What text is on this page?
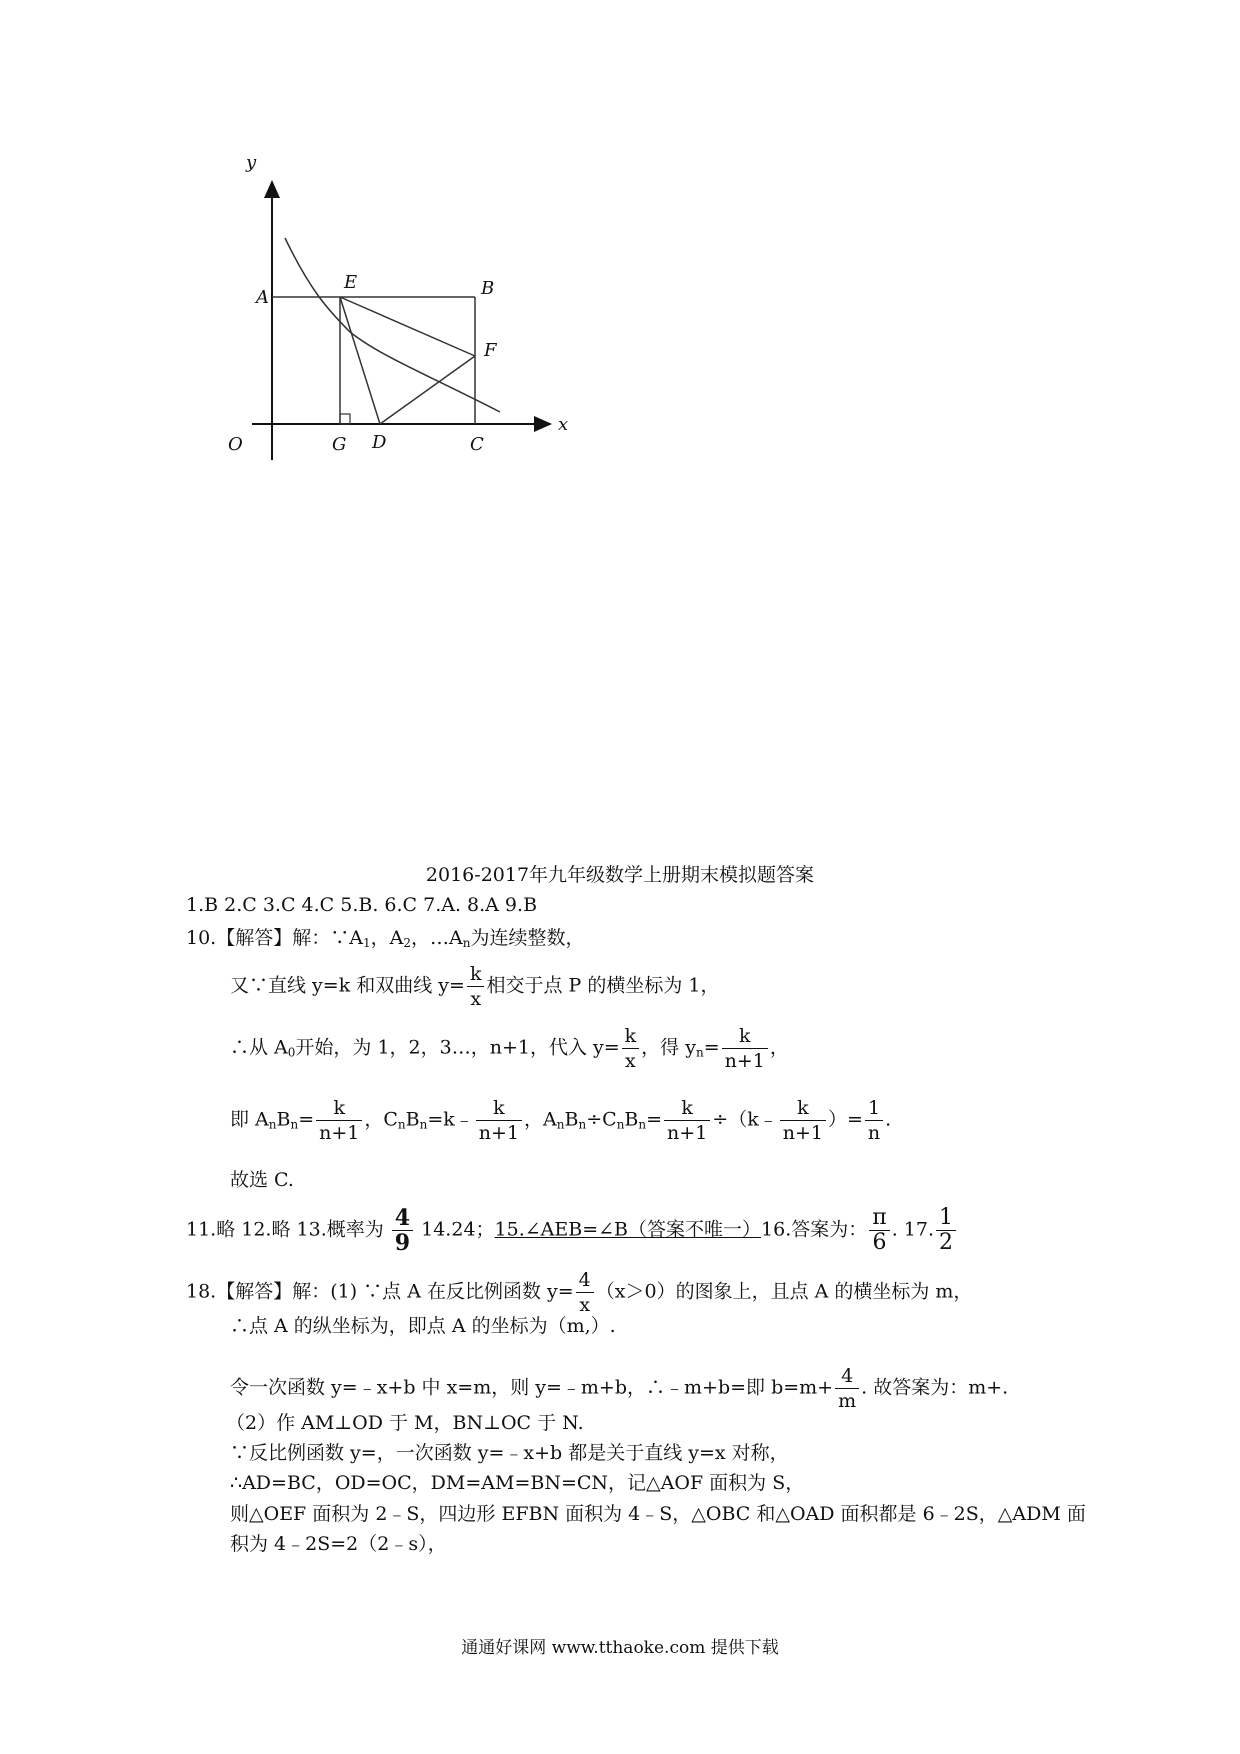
y
x
O
A
E	B
F
G D	C
2016-2017年九年级数学上册期末模拟题答案
1.B 2.C 3.C 4.C 5.B. 6.C 7.A. 8.A 9.B
10.【解答】解：$\because A_1$，$A_2$，$\dots A_n$为连续整数，
又∵直线 y=k 和双曲线 $y= \frac{k}{x}$ 相交于点 P 的横坐标为 1，
∴从 $A_0$开始，为 1，2，3…，n+1，代入 $y= \frac{k}{x}$ ，得 $y_n= \frac{k}{n+1}$ ，
即 $A_nB_n= \frac{k}{n+1}$ ，$C_nB_n=k﹣ \frac{k}{n+1}$ ，$A_nB_n\div C_nB_n= \frac{k}{n+1}$ ÷（k﹣ $\frac{k}{n+1}$ ）= $\frac{1}{n}$ .
故选 C.
11.略 12.略 13.概率为 $\frac{4}{9} 14.24$；15.∠AEB=∠B（答案不唯一）16.答案为： $\frac{\pi}{6}$ . 17. $\frac{1}{2}$
18.【解答】解：(1) ∵点 A 在反比例函数 $y= \frac{4}{x} (x>0)$的图象上，且点 A 的横坐标为 m，
∴点 A 的纵坐标为，即点 A 的坐标为（m,）.
令一次函数 y=﹣x+b 中 x=m，则 y=﹣m+b，∴﹣m+b=即 $b=m+ \frac{4}{m}$ . 故答案为：m+.
（2）作 AM⊥OD 于 M，BN⊥OC 于 N.
∵反比例函数 y=，一次函数 y=﹣x+b 都是关于直线 y=x 对称，
∴AD=BC，OD=OC，DM=AM=BN=CN，记△AOF 面积为 S，
则△OEF 面积为 2﹣S，四边形 EFBN 面积为 4﹣S，△OBC 和△OAD 面积都是 6﹣2S，△ADM 面
积为 4﹣2S=2（2﹣s），
通通好课网 www.tthaoke.com 提供下载
